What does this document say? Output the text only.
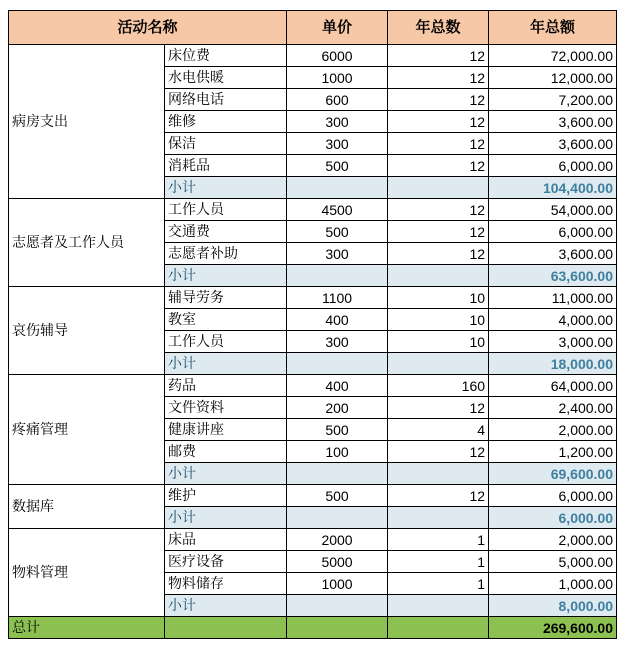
活动名称		单价	年总数	年总额
病房支出	床位费	6000	12	72,000.00
	水电供暖	1000	12	12,000.00
	网络电话	600	12	7,200.00
	维修	300	12	3,600.00
	保洁	300	12	3,600.00
	消耗品	500	12	6,000.00
	小计			104,400.00
志愿者及工作人员	工作人员	4500	12	54,000.00
	交通费	500	12	6,000.00
	志愿者补助	300	12	3,600.00
	小计			63,600.00
哀伤辅导	辅导劳务	1100	10	11,000.00
	教室	400	10	4,000.00
	工作人员	300	10	3,000.00
	小计			18,000.00
疼痛管理	药品	400	160	64,000.00
	文件资料	200	12	2,400.00
	健康讲座	500	4	2,000.00
	邮费	100	12	1,200.00
	小计			69,600.00
数据库	维护	500	12	6,000.00
	小计			6,000.00
物料管理	床品	2000	1	2,000.00
	医疗设备	5000	1	5,000.00
	物料储存	1000	1	1,000.00
	小计			8,000.00
总计				269,600.00
